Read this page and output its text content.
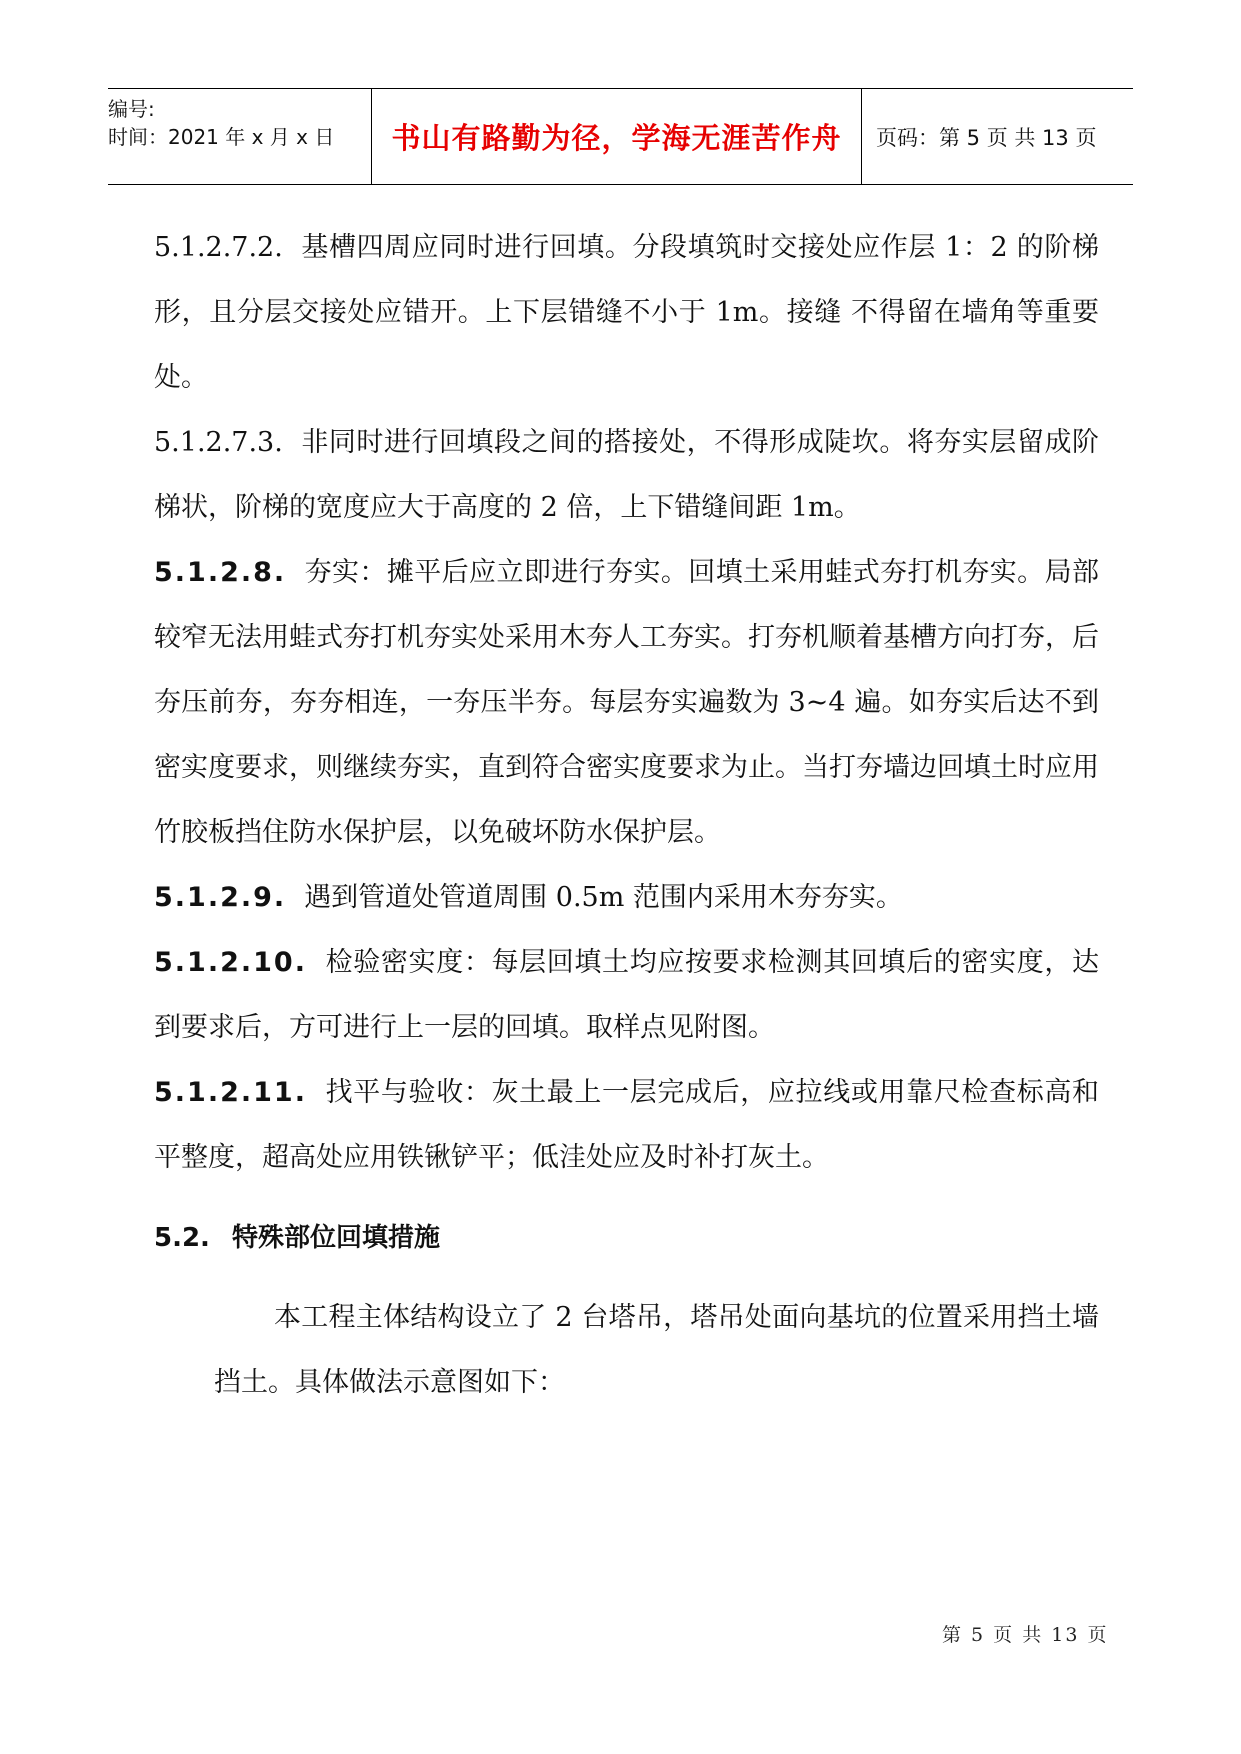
编号:
时间：2021 年 x 月 x 日	书山有路勤为径，学海无涯苦作舟	页码：第 5 页 共 13 页

5.1.2.7.2. 基槽四周应同时进行回填。分段填筑时交接处应作层 1：2 的阶梯形，且分层交接处应错开。上下层错缝不小于 1m。接缝 不得留在墙角等重要处。

5.1.2.7.3. 非同时进行回填段之间的搭接处，不得形成陡坎。将夯实层留成阶梯状，阶梯的宽度应大于高度的 2 倍，上下错缝间距 1m。

5.1.2.8. 夯实：摊平后应立即进行夯实。回填土采用蛙式夯打机夯实。局部较窄无法用蛙式夯打机夯实处采用木夯人工夯实。打夯机顺着基槽方向打夯，后夯压前夯，夯夯相连，一夯压半夯。每层夯实遍数为 3~4 遍。如夯实后达不到密实度要求，则继续夯实，直到符合密实度要求为止。当打夯墙边回填土时应用竹胶板挡住防水保护层，以免破坏防水保护层。

5.1.2.9. 遇到管道处管道周围 0.5m 范围内采用木夯夯实。

5.1.2.10. 检验密实度：每层回填土均应按要求检测其回填后的密实度，达到要求后，方可进行上一层的回填。取样点见附图。

5.1.2.11. 找平与验收：灰土最上一层完成后，应拉线或用靠尺检查标高和平整度，超高处应用铁锹铲平；低洼处应及时补打灰土。

5.2. 特殊部位回填措施

本工程主体结构设立了 2 台塔吊，塔吊处面向基坑的位置采用挡土墙挡土。具体做法示意图如下：

第 5 页 共 13 页
